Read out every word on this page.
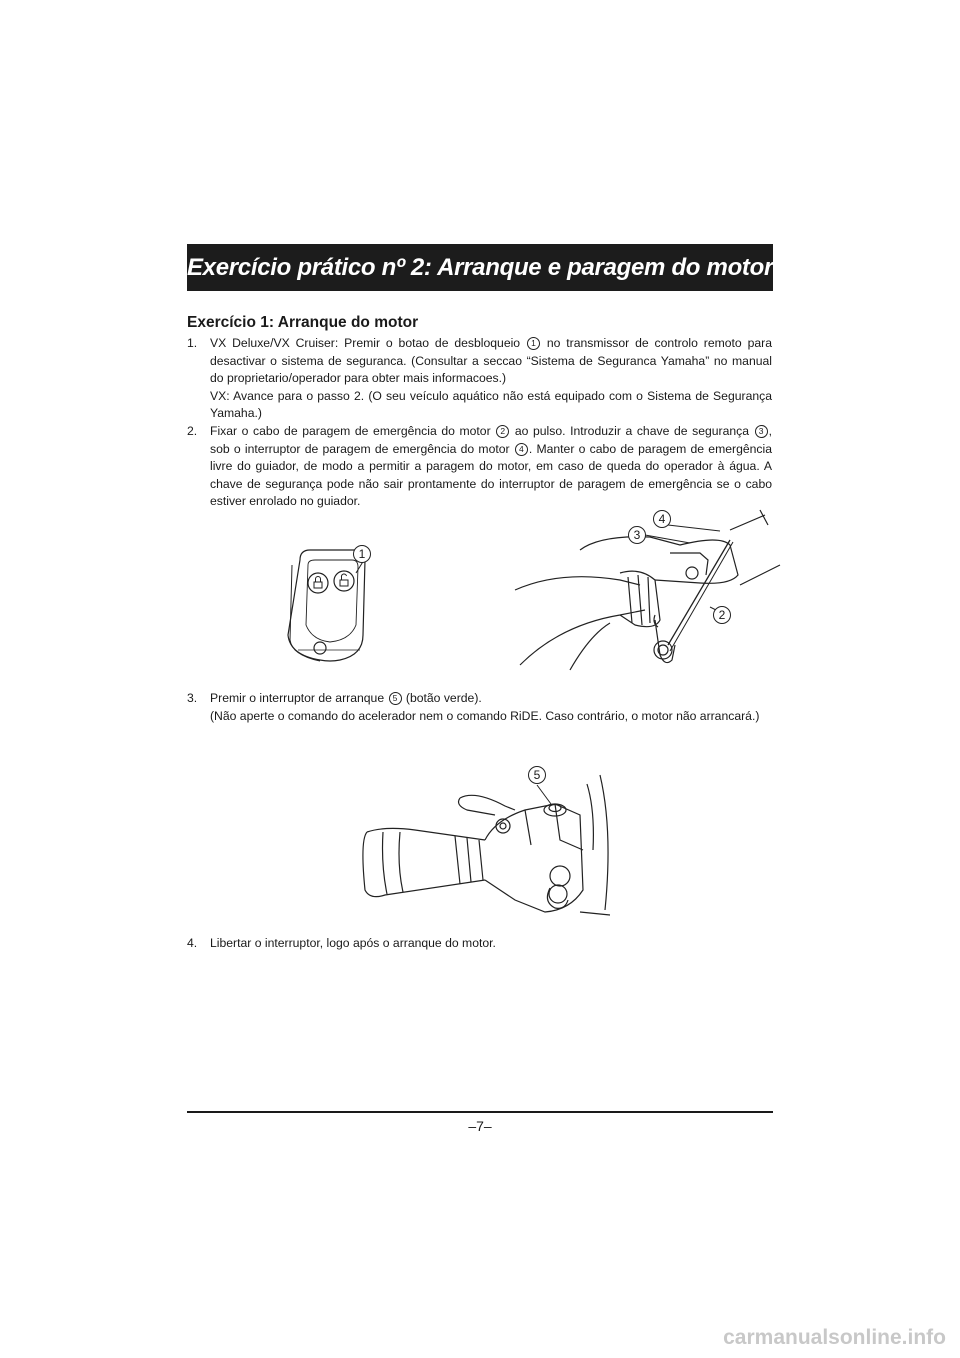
Exercício prático nº 2: Arranque e paragem do motor
Exercício 1: Arranque do motor
1. VX Deluxe/VX Cruiser: Premir o botao de desbloqueio 1 no transmissor de controlo remoto para desactivar o sistema de seguranca. (Consultar a seccao “Sistema de Seguranca Yamaha” no manual do proprietario/operador para obter mais informacoes.)

VX: Avance para o passo 2. (O seu veículo aquático não está equipado com o Sistema de Segurança Yamaha.)

2. Fixar o cabo de paragem de emergência do motor 2 ao pulso. Introduzir a chave de segurança 3 , sob o interruptor de paragem de emergência do motor 4 . Manter o cabo de paragem de emergência livre do guiador, de modo a permitir a paragem do motor, em caso de queda do operador à água. A chave de segurança pode não sair prontamente do interruptor de paragem de emergência se o cabo estiver enrolado no guiador.

1
3
4
2
3. Premir o interruptor de arranque 5 (botão verde).

(Não aperte o comando do acelerador nem o comando RiDE. Caso contrário, o motor não arrancará.)

5
4. Libertar o interruptor, logo após o arranque do motor.

–7–
carmanualsonline.info
